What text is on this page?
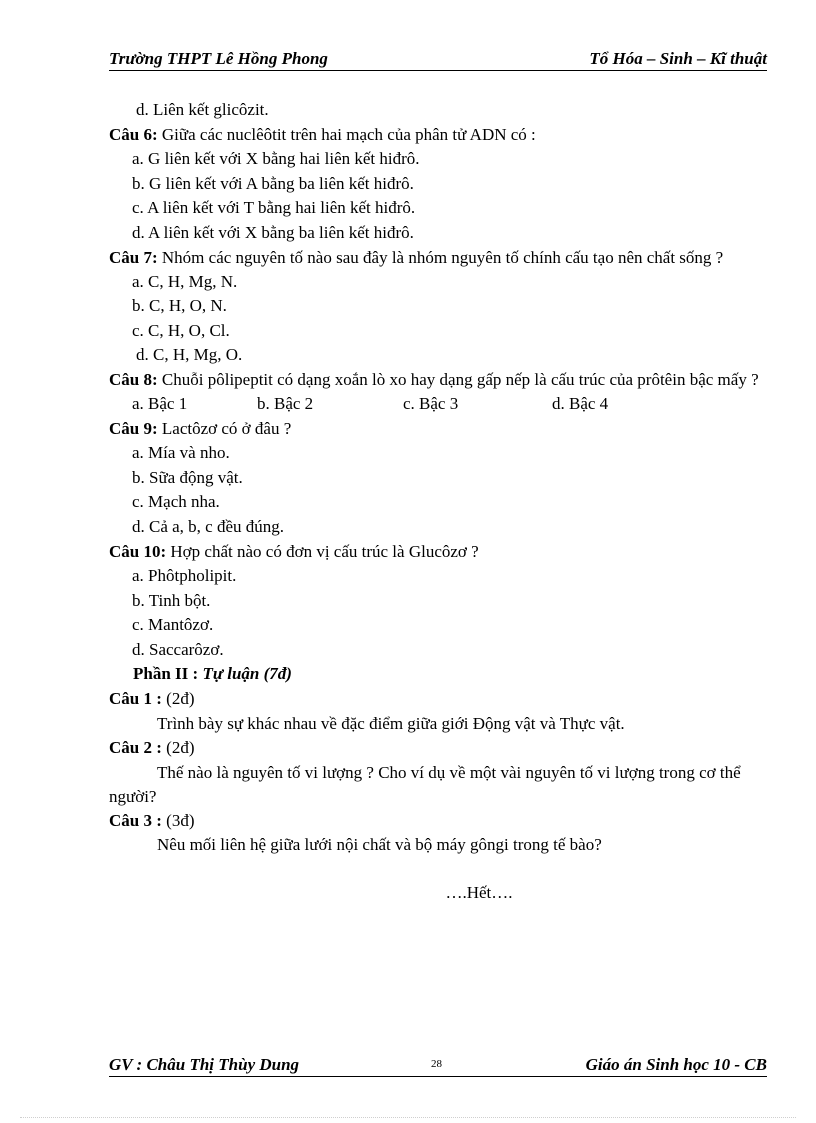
Trường THPT Lê Hồng Phong	Tổ Hóa – Sinh – Kĩ thuật
d. Liên kết glicôzit.
Câu 6: Giữa các nuclêôtit trên hai mạch của phân tử ADN có :
a. G liên kết với X bằng hai liên kết hiđrô.
b. G liên kết với A bằng ba liên kết hiđrô.
c. A liên kết với T bằng hai liên kết hiđrô.
d. A liên kết với X bằng ba liên kết hiđrô.
Câu 7: Nhóm các nguyên tố nào sau đây là nhóm nguyên tố chính cấu tạo nên chất sống ?
a. C, H, Mg, N.
b. C, H, O, N.
c. C, H, O, Cl.
d. C, H, Mg, O.
Câu 8: Chuỗi pôlipeptit có dạng xoắn lò xo hay dạng gấp nếp là cấu trúc của prôtêin bậc mấy ?
a. Bậc 1	b. Bậc 2	c. Bậc 3	d. Bậc 4
Câu 9: Lactôzơ có ở đâu ?
a. Mía và nho.
b. Sữa động vật.
c. Mạch nha.
d. Cả a, b, c đều đúng.
Câu 10: Hợp chất nào có đơn vị cấu trúc là Glucôzơ ?
a. Phôtpholipit.
b. Tinh bột.
c. Mantôzơ.
d. Saccarôzơ.
Phần II : Tự luận (7đ)
Câu 1 : (2đ)
Trình bày sự khác nhau về đặc điểm giữa giới Động vật và Thực vật.
Câu 2 : (2đ)
Thế nào là nguyên tố vi lượng ? Cho ví dụ về một vài nguyên tố vi lượng trong cơ thể người?
Câu 3 : (3đ)
Nêu mối liên hệ giữa lưới nội chất và bộ máy gôngi trong tế bào?
….Hết….
GV : Châu Thị Thùy Dung	28	Giáo án Sinh học 10 - CB
